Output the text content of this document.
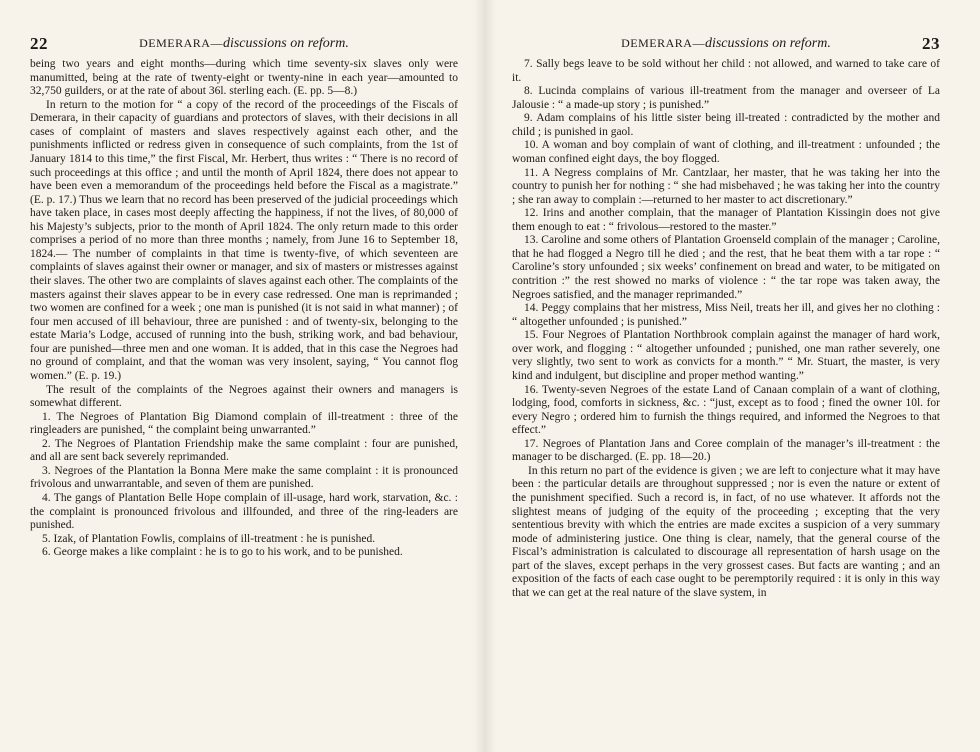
22	DEMERARA—discussions on reform.

being two years and eight months—during which time seventy-six slaves only were manumitted, being at the rate of twenty-eight or twenty-nine in each year—amounted to 32,750 guilders, or at the rate of about 36l. sterling each. (E. pp. 5—8.)

In return to the motion for “ a copy of the record of the proceedings of the Fiscals of Demerara, in their capacity of guardians and protectors of slaves, with their decisions in all cases of complaint of masters and slaves respectively against each other, and the punishments inflicted or redress given in consequence of such complaints, from the 1st of January 1814 to this time,” the first Fiscal, Mr. Herbert, thus writes : “ There is no record of such proceedings at this office ; and until the month of April 1824, there does not appear to have been even a memorandum of the proceedings held before the Fiscal as a magistrate.” (E. p. 17.) Thus we learn that no record has been preserved of the judicial proceedings which have taken place, in cases most deeply affecting the happiness, if not the lives, of 80,000 of his Majesty’s subjects, prior to the month of April 1824. The only return made to this order comprises a period of no more than three months ; namely, from June 16 to September 18, 1824.— The number of complaints in that time is twenty-five, of which seventeen are complaints of slaves against their owner or manager, and six of masters or mistresses against their slaves. The other two are complaints of slaves against each other. The complaints of the masters against their slaves appear to be in every case redressed. One man is reprimanded ; two women are confined for a week ; one man is punished (it is not said in what manner) ; of four men accused of ill behaviour, three are punished : and of twenty-six, belonging to the estate Maria’s Lodge, accused of running into the bush, striking work, and bad behaviour, four are punished—three men and one woman. It is added, that in this case the Negroes had no ground of complaint, and that the woman was very insolent, saying, “ You cannot flog women.” (E. p. 19.)

The result of the complaints of the Negroes against their owners and managers is somewhat different.

1. The Negroes of Plantation Big Diamond complain of ill-treatment : three of the ringleaders are punished, “ the complaint being unwarranted.”

2. The Negroes of Plantation Friendship make the same complaint : four are punished, and all are sent back severely reprimanded.

3. Negroes of the Plantation la Bonna Mere make the same complaint : it is pronounced frivolous and unwarrantable, and seven of them are punished.

4. The gangs of Plantation Belle Hope complain of ill-usage, hard work, starvation, &c. : the complaint is pronounced frivolous and illfounded, and three of the ring-leaders are punished.

5. Izak, of Plantation Fowlis, complains of ill-treatment : he is punished.

6. George makes a like complaint : he is to go to his work, and to be punished.

DEMERARA—discussions on reform.	23

7. Sally begs leave to be sold without her child : not allowed, and warned to take care of it.

8. Lucinda complains of various ill-treatment from the manager and overseer of La Jalousie : “ a made-up story ; is punished.”

9. Adam complains of his little sister being ill-treated : contradicted by the mother and child ; is punished in gaol.

10. A woman and boy complain of want of clothing, and ill-treatment : unfounded ; the woman confined eight days, the boy flogged.

11. A Negress complains of Mr. Cantzlaar, her master, that he was taking her into the country to punish her for nothing : “ she had misbehaved ; he was taking her into the country ; she ran away to complain :—returned to her master to act discretionary.”

12. Irins and another complain, that the manager of Plantation Kissingin does not give them enough to eat : “ frivolous—restored to the master.”

13. Caroline and some others of Plantation Groenseld complain of the manager ; Caroline, that he had flogged a Negro till he died ; and the rest, that he beat them with a tar rope : “ Caroline’s story unfounded ; six weeks’ confinement on bread and water, to be mitigated on contrition :” the rest showed no marks of violence : “ the tar rope was taken away, the Negroes satisfied, and the manager reprimanded.”

14. Peggy complains that her mistress, Miss Neil, treats her ill, and gives her no clothing : “ altogether unfounded ; is punished.”

15. Four Negroes of Plantation Northbrook complain against the manager of hard work, over work, and flogging : “ altogether unfounded ; punished, one man rather severely, one very slightly, two sent to work as convicts for a month.” “ Mr. Stuart, the master, is very kind and indulgent, but discipline and proper method wanting.”

16. Twenty-seven Negroes of the estate Land of Canaan complain of a want of clothing, lodging, food, comforts in sickness, &c. : “just, except as to food ; fined the owner 10l. for every Negro ; ordered him to furnish the things required, and informed the Negroes to that effect.”

17. Negroes of Plantation Jans and Coree complain of the manager’s ill-treatment : the manager to be discharged. (E. pp. 18—20.)

In this return no part of the evidence is given ; we are left to conjecture what it may have been : the particular details are throughout suppressed ; nor is even the nature or extent of the punishment specified. Such a record is, in fact, of no use whatever. It affords not the slightest means of judging of the equity of the proceeding ; excepting that the very sententious brevity with which the entries are made excites a suspicion of a very summary mode of administering justice. One thing is clear, namely, that the general course of the Fiscal’s administration is calculated to discourage all representation of harsh usage on the part of the slaves, except perhaps in the very grossest cases. But facts are wanting ; and an exposition of the facts of each case ought to be peremptorily required : it is only in this way that we can get at the real nature of the slave system, in
